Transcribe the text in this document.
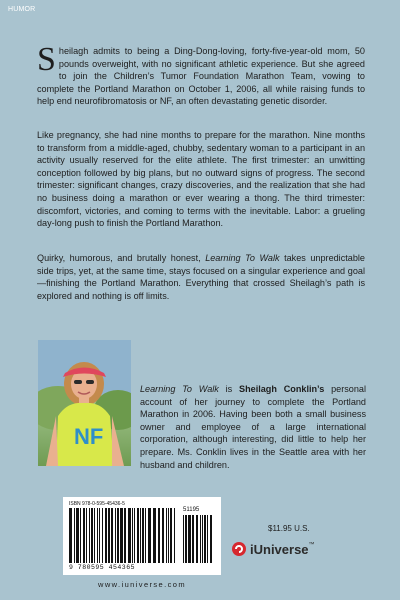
HUMOR
Sheilagh admits to being a Ding-Dong-loving, forty-five-year-old mom, 50 pounds overweight, with no significant athletic experience. But she agreed to join the Children’s Tumor Foundation Marathon Team, vowing to complete the Portland Marathon on October 1, 2006, all while raising funds to help end neurofibromatosis or NF, an often devastating genetic disorder.
Like pregnancy, she had nine months to prepare for the marathon. Nine months to transform from a middle-aged, chubby, sedentary woman to a participant in an activity usually reserved for the elite athlete. The first trimester: an unwitting conception followed by big plans, but no outward signs of progress. The second trimester: significant changes, crazy discoveries, and the realization that she had no business doing a marathon or ever wearing a thong. The third trimester: discomfort, victories, and coming to terms with the inevitable. Labor: a grueling day-long push to finish the Portland Marathon.
Quirky, humorous, and brutally honest, Learning To Walk takes unpredictable side trips, yet, at the same time, stays focused on a singular experience and goal—finishing the Portland Marathon. Everything that crossed Sheilagh’s path is explored and nothing is off limits.
NF
Learning To Walk is Sheilagh Conklin’s personal account of her journey to complete the Portland Marathon in 2006. Having been both a small business owner and employee of a large international corporation, although interesting, did little to help her prepare. Ms. Conklin lives in the Seattle area with her husband and children.
ISBN 978-0-595-45436-5
51195
9 780595 454365
www.iuniverse.com
$11.95 U.S.
iUniverse™
